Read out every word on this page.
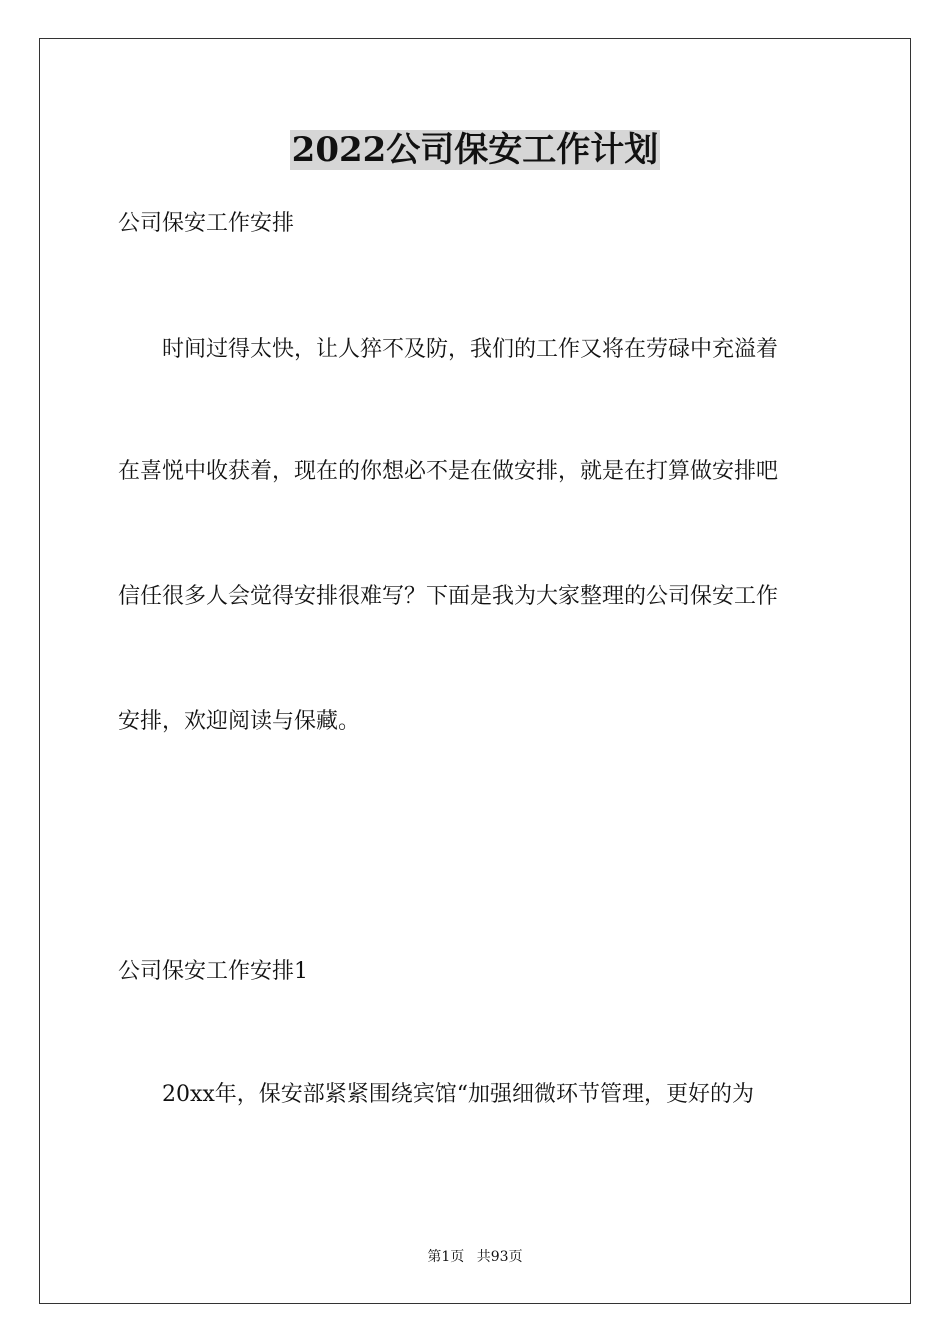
2022公司保安工作计划
公司保安工作安排
　　时间过得太快，让人猝不及防，我们的工作又将在劳碌中充溢着
在喜悦中收获着，现在的你想必不是在做安排，就是在打算做安排吧
信任很多人会觉得安排很难写？下面是我为大家整理的公司保安工作
安排，欢迎阅读与保藏。
公司保安工作安排1
　　20xx年，保安部紧紧围绕宾馆“加强细微环节管理，更好的为
第1页 共93页
